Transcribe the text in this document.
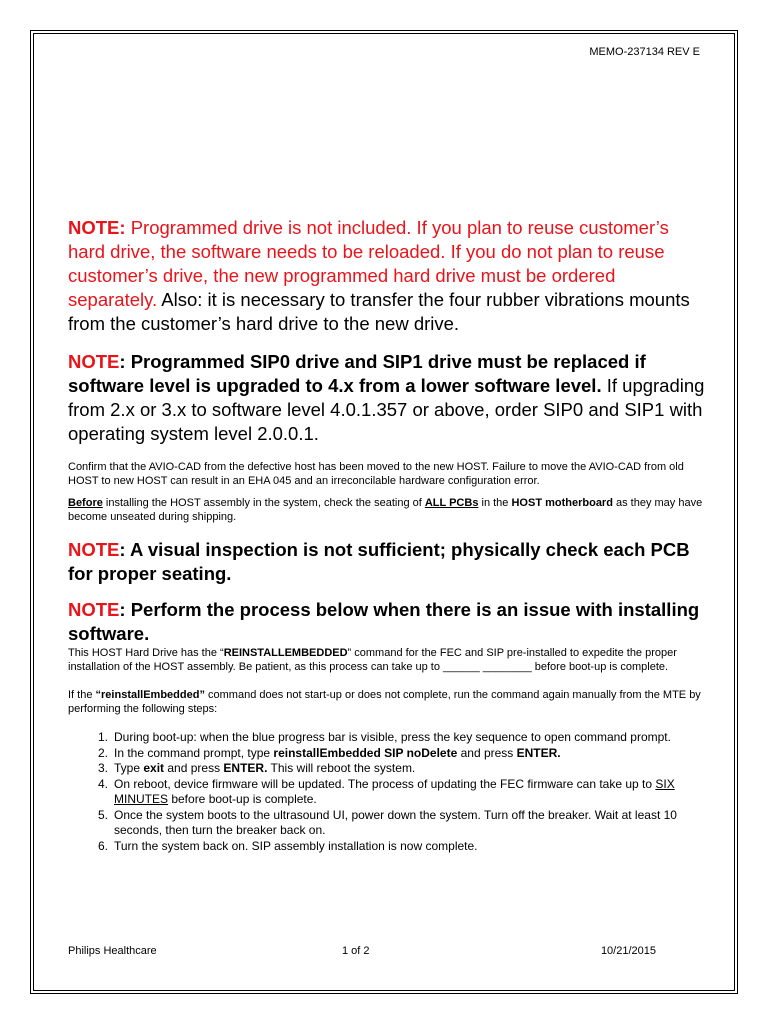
MEMO-237134 REV E

NOTE: Programmed drive is not included. If you plan to reuse customer’s hard drive, the software needs to be reloaded. If you do not plan to reuse customer’s drive, the new programmed hard drive must be ordered separately. Also: it is necessary to transfer the four rubber vibrations mounts from the customer’s hard drive to the new drive.

NOTE: Programmed SIP0 drive and SIP1 drive must be replaced if software level is upgraded to 4.x from a lower software level. If upgrading from 2.x or 3.x to software level 4.0.1.357 or above, order SIP0 and SIP1 with operating system level 2.0.0.1.

Confirm that the AVIO-CAD from the defective host has been moved to the new HOST. Failure to move the AVIO-CAD from old HOST to new HOST can result in an EHA 045 and an irreconcilable hardware configuration error.

Before installing the HOST assembly in the system, check the seating of ALL PCBs in the HOST motherboard as they may have become unseated during shipping.

NOTE: A visual inspection is not sufficient; physically check each PCB for proper seating.

NOTE: Perform the process below when there is an issue with installing software.

This HOST Hard Drive has the “REINSTALLEMBEDDED” command for the FEC and SIP pre-installed to expedite the proper installation of the HOST assembly. Be patient, as this process can take up to ______ ________ before boot-up is complete.

If the “reinstallEmbedded” command does not start-up or does not complete, run the command again manually from the MTE by performing the following steps:

1. During boot-up: when the blue progress bar is visible, press the key sequence to open command prompt.
2. In the command prompt, type reinstallEmbedded SIP noDelete and press ENTER.
3. Type exit and press ENTER. This will reboot the system.
4. On reboot, device firmware will be updated. The process of updating the FEC firmware can take up to SIX MINUTES before boot-up is complete.
5. Once the system boots to the ultrasound UI, power down the system. Turn off the breaker. Wait at least 10 seconds, then turn the breaker back on.
6. Turn the system back on. SIP assembly installation is now complete.
Philips Healthcare	1 of 2	10/21/2015
